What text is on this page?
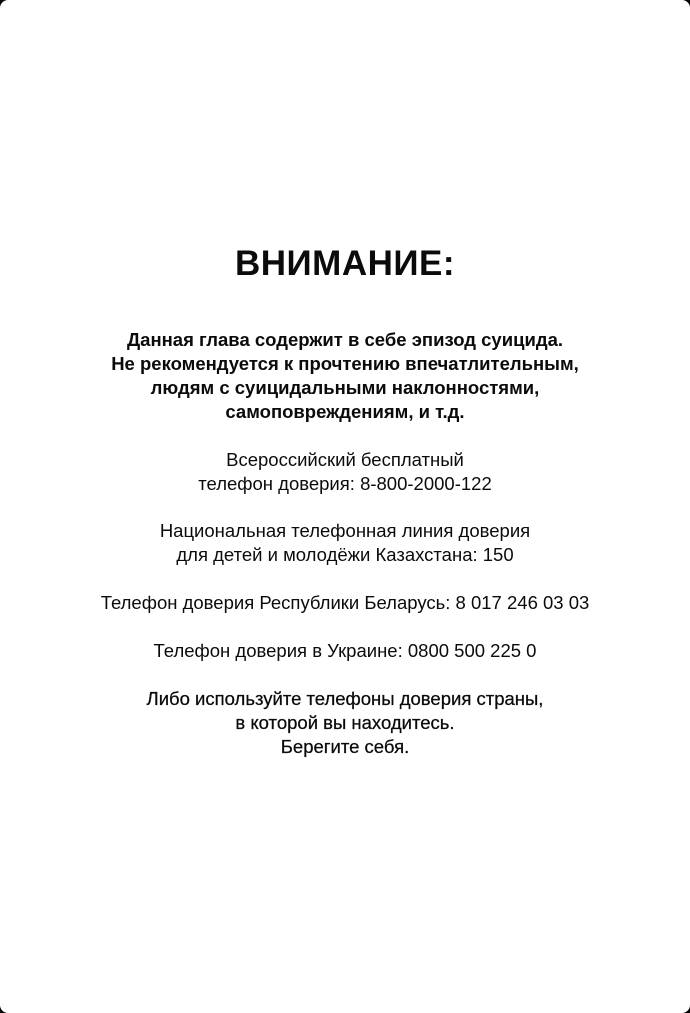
ВНИМАНИЕ:
Данная глава содержит в себе эпизод суицида.
Не рекомендуется к прочтению впечатлительным,
людям с суицидальными наклонностями,
самоповреждениям, и т.д.
Всероссийский бесплатный
телефон доверия: 8-800-2000-122
Национальная телефонная линия доверия
для детей и молодёжи Казахстана: 150
Телефон доверия Республики Беларусь: 8 017 246 03 03
Телефон доверия в Украине: 0800 500 225 0
Либо используйте телефоны доверия страны,
в которой вы находитесь.
Берегите себя.
